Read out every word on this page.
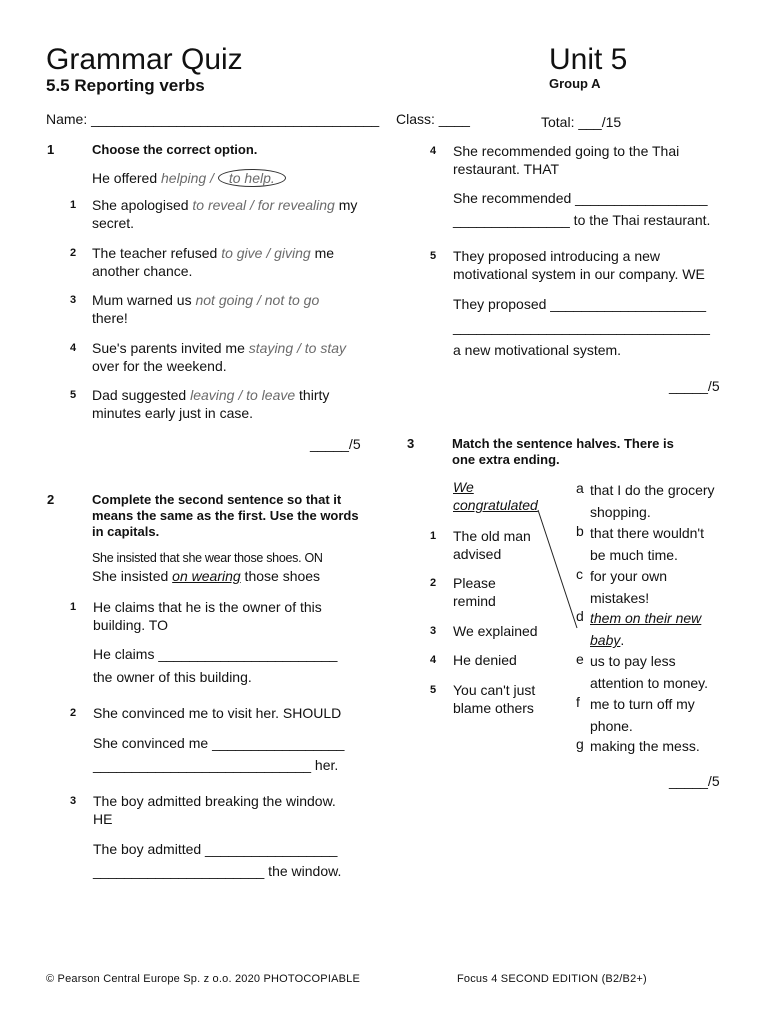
Grammar Quiz
5.5 Reporting verbs
Unit 5
Group A
Name: _____________________________________ Class: ____	Total: ___/15
1	Choose the correct option.
He offered helping / to help.
1 She apologised to reveal / for revealing my
secret.
2 The teacher refused to give / giving me
another chance.
3 Mum warned us not going / not to go
there!
4 Sue's parents invited me staying / to stay
over for the weekend.
5 Dad suggested leaving / to leave thirty
minutes early just in case.
_____/5
2	Complete the second sentence so that it means the same as the first. Use the words in capitals.
She insisted that she wear those shoes. ON
She insisted on wearing those shoes
1 He claims that he is the owner of this
building. TO
He claims _______________________
the owner of this building.
2 She convinced me to visit her. SHOULD
She convinced me _________________
____________________________ her.
3 The boy admitted breaking the window.
HE
The boy admitted _________________
______________________ the window.
4 She recommended going to the Thai
restaurant. THAT
She recommended _________________
_______________ to the Thai restaurant.
5 They proposed introducing a new
motivational system in our company. WE
They proposed ____________________
_________________________________
a new motivational system.
_____/5
3	Match the sentence halves. There is
one extra ending.
We
congratulated
1 The old man
advised
2 Please
remind
3 We explained
4 He denied
5 You can't just
blame others
a that I do the grocery
shopping.
b that there wouldn't
be much time.
c for your own
mistakes!
d them on their new
baby.
e us to pay less
attention to money.
f me to turn off my
phone.
g making the mess.
_____/5
© Pearson Central Europe Sp. z o.o. 2020 PHOTOCOPIABLE	Focus 4 SECOND EDITION (B2/B2+)
